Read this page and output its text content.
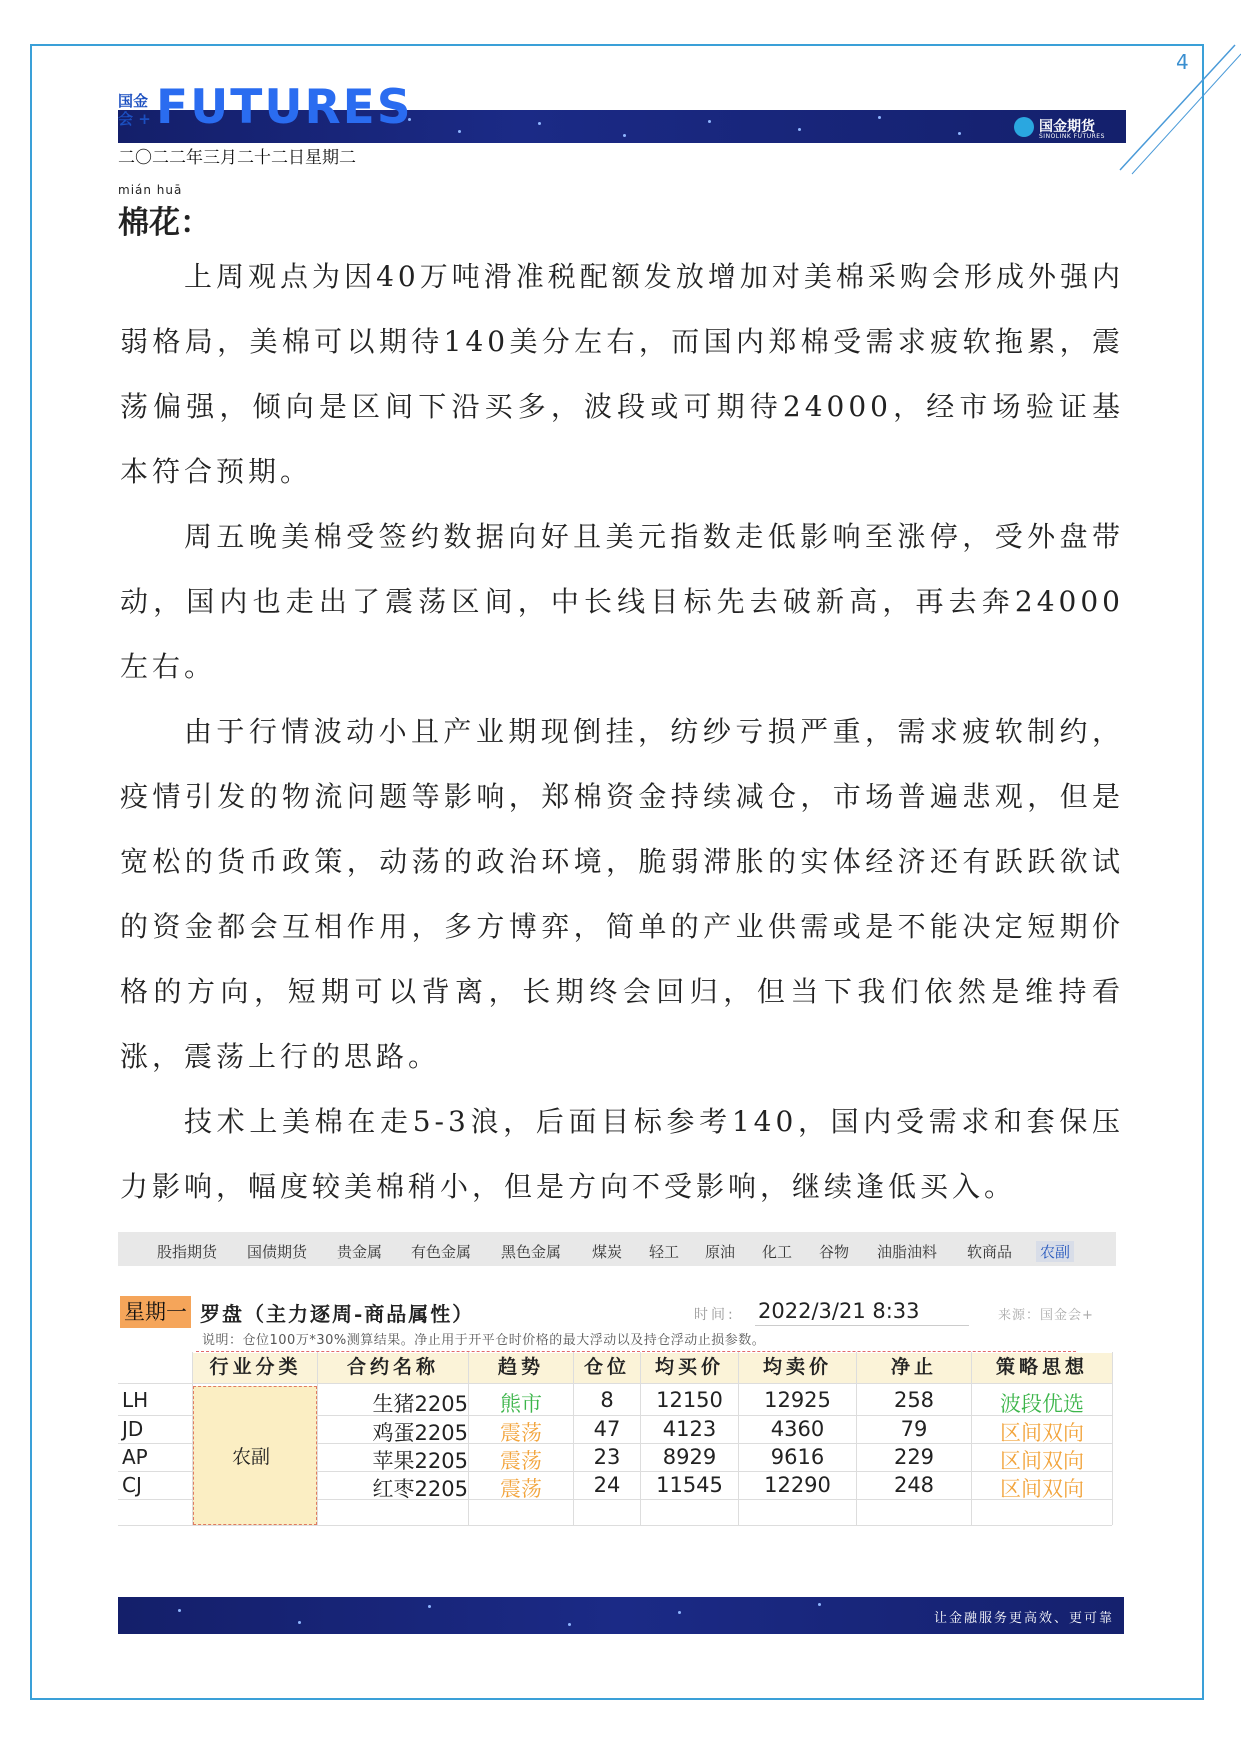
4
国金
会 + FUTURES	国金期货
SINOLINK FUTURES
二〇二二年三月二十二日星期二
mián huā
棉花：

上周观点为因40万吨滑准税配额发放增加对美棉采购会形成外强内弱格局，美棉可以期待140美分左右，而国内郑棉受需求疲软拖累，震荡偏强，倾向是区间下沿买多，波段或可期待24000，经市场验证基本符合预期。

周五晚美棉受签约数据向好且美元指数走低影响至涨停，受外盘带动，国内也走出了震荡区间，中长线目标先去破新高，再去奔24000左右。

由于行情波动小且产业期现倒挂，纺纱亏损严重，需求疲软制约，疫情引发的物流问题等影响，郑棉资金持续减仓，市场普遍悲观，但是宽松的货币政策，动荡的政治环境，脆弱滞胀的实体经济还有跃跃欲试的资金都会互相作用，多方博弈，简单的产业供需或是不能决定短期价格的方向，短期可以背离，长期终会回归，但当下我们依然是维持看涨，震荡上行的思路。

技术上美棉在走5-3浪，后面目标参考140，国内受需求和套保压力影响，幅度较美棉稍小，但是方向不受影响，继续逢低买入。

股指期货 国债期货 贵金属 有色金属 黑色金属 煤炭 轻工 原油 化工 谷物 油脂油料 软商品 农副
星期一 罗盘（主力逐周-商品属性）	时间: 2022/3/21 8:33	来源：国金会+
说明：仓位100万*30%测算结果。净止用于开平仓时价格的最大浮动以及持仓浮动止损参数。
行业分类	合约名称	趋势	仓位	均买价	均卖价	净止	策略思想
农副
LH	生猪2205	熊市	8	12150	12925	258	波段优选
JD	鸡蛋2205	震荡	47	4123	4360	79	区间双向
AP	苹果2205	震荡	23	8929	9616	229	区间双向
CJ	红枣2205	震荡	24	11545	12290	248	区间双向
让金融服务更高效、更可靠
